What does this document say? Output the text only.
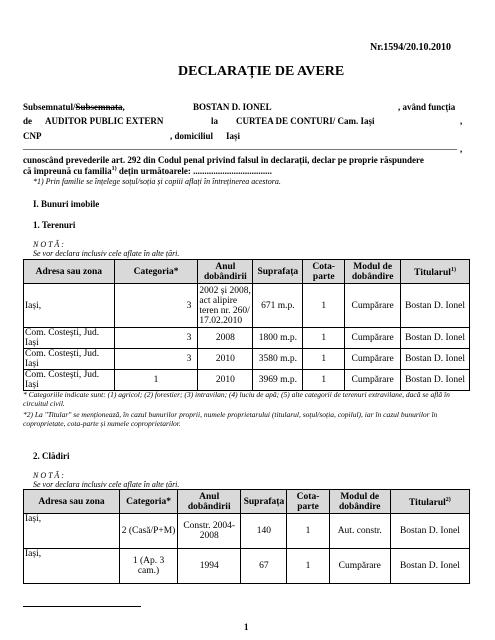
Nr.1594/20.10.2010
DECLARAȚIE DE AVERE
Subsemnatul/Subsemnata,	BOSTAN D. IONEL	, având funcția
de AUDITOR PUBLIC EXTERN	la CURTEA DE CONTURI/ Cam. Iași	,
CNP	, domiciliul Iași
,
cunoscând prevederile art. 292 din Codul penal privind falsul în declarații, declar pe proprie răspundere
că împreună cu familia$^{1)}$ dețin următoarele: ...................................
*1) Prin familie se înțelege soțul/soția și copiii aflați în întreținerea acestora.
I. Bunuri imobile
1. Terenuri
N O T Ă :
Se vor declara inclusiv cele aflate în alte țări.
Adresa sau zona	Categoria*	Anul dobândirii	Suprafața	Cota-parte	Modul de dobândire	Titularul$^{1)}$
Iași,	3	2002 și 2008, act alipire teren nr. 260/ 17.02.2010	671 m.p.	1	Cumpărare	Bostan D. Ionel
Com. Costești, Jud. Iași	3	2008	1800 m.p.	1	Cumpărare	Bostan D. Ionel
Com. Costești, Jud. Iași	3	2010	3580 m.p.	1	Cumpărare	Bostan D. Ionel
Com. Costești, Jud. Iași	1	2010	3969 m.p.	1	Cumpărare	Bostan D. Ionel
* Categoriile indicate sunt: (1) agricol; (2) forestier; (3) intravilan; (4) luciu de apă; (5) alte categorii de terenuri extravilane, dacă se află în circuitul civil.
*2) La "Titular" se menționează, în cazul bunurilor proprii, numele proprietarului (titularul, soțul/soția, copilul), iar în cazul bunurilor în coproprietate, cota-parte și numele coproprietarilor.
2. Clădiri
N O T Ă :
Se vor declara inclusiv cele aflate în alte țări.
Adresa sau zona	Categoria*	Anul dobândirii	Suprafața	Cota-parte	Modul de dobândire	Titularul$^{2)}$
Iași,	2 (Casă/P+M)	Constr. 2004-2008	140	1	Aut. constr.	Bostan D. Ionel
Iași,	1 (Ap. 3 cam.)	1994	67	1	Cumpărare	Bostan D. Ionel
1
